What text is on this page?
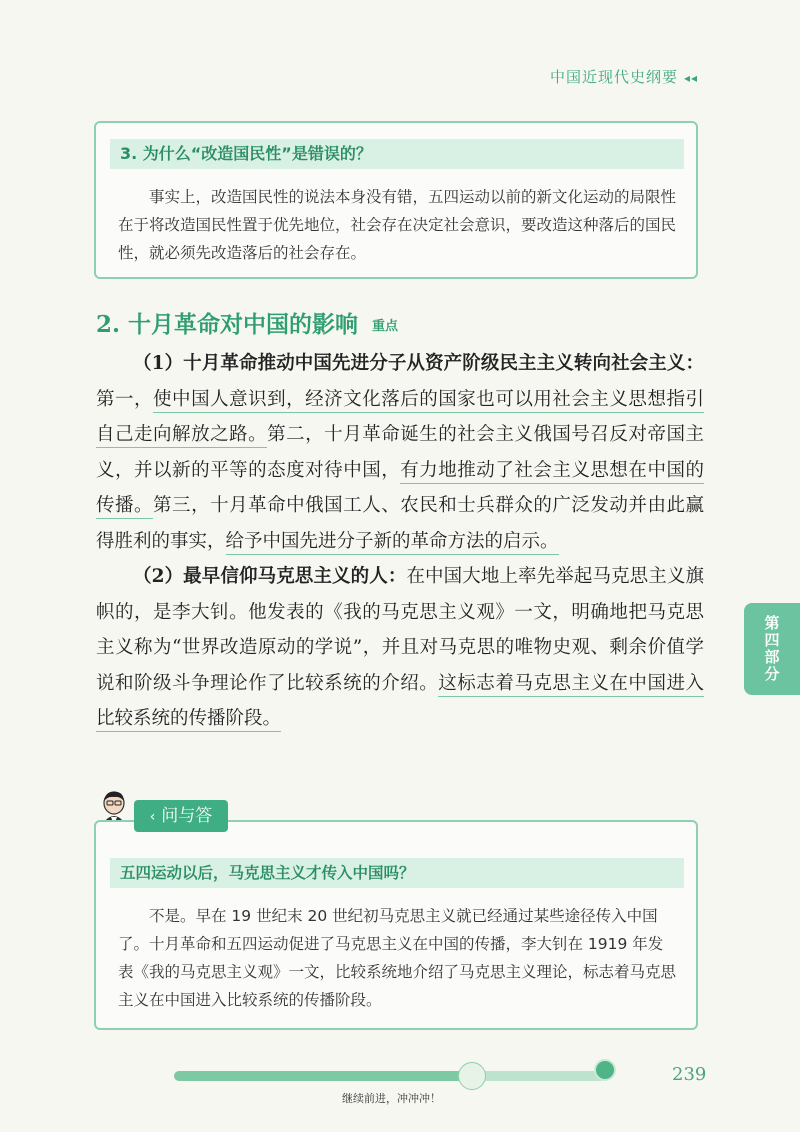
中国近现代史纲要 ◂◂
3. 为什么“改造国民性”是错误的？
事实上，改造国民性的说法本身没有错，五四运动以前的新文化运动的局限性在于将改造国民性置于优先地位，社会存在决定社会意识，要改造这种落后的国民性，就必须先改造落后的社会存在。
2. 十月革命对中国的影响 重点

（1）十月革命推动中国先进分子从资产阶级民主主义转向社会主义：第一，使中国人意识到，经济文化落后的国家也可以用社会主义思想指引自己走向解放之路。第二，十月革命诞生的社会主义俄国号召反对帝国主义，并以新的平等的态度对待中国，有力地推动了社会主义思想在中国的传播。第三，十月革命中俄国工人、农民和士兵群众的广泛发动并由此赢得胜利的事实，给予中国先进分子新的革命方法的启示。

（2）最早信仰马克思主义的人：在中国大地上率先举起马克思主义旗帜的，是李大钊。他发表的《我的马克思主义观》一文，明确地把马克思主义称为“世界改造原动的学说”，并且对马克思的唯物史观、剩余价值学说和阶级斗争理论作了比较系统的介绍。这标志着马克思主义在中国进入比较系统的传播阶段。

第四部分
五四运动以后，马克思主义才传入中国吗？
不是。早在 19 世纪末 20 世纪初马克思主义就已经通过某些途径传入中国了。十月革命和五四运动促进了马克思主义在中国的传播，李大钊在 1919 年发表《我的马克思主义观》一文，比较系统地介绍了马克思主义理论，标志着马克思主义在中国进入比较系统的传播阶段。
‹ 问与答
239
继续前进，冲冲冲！
